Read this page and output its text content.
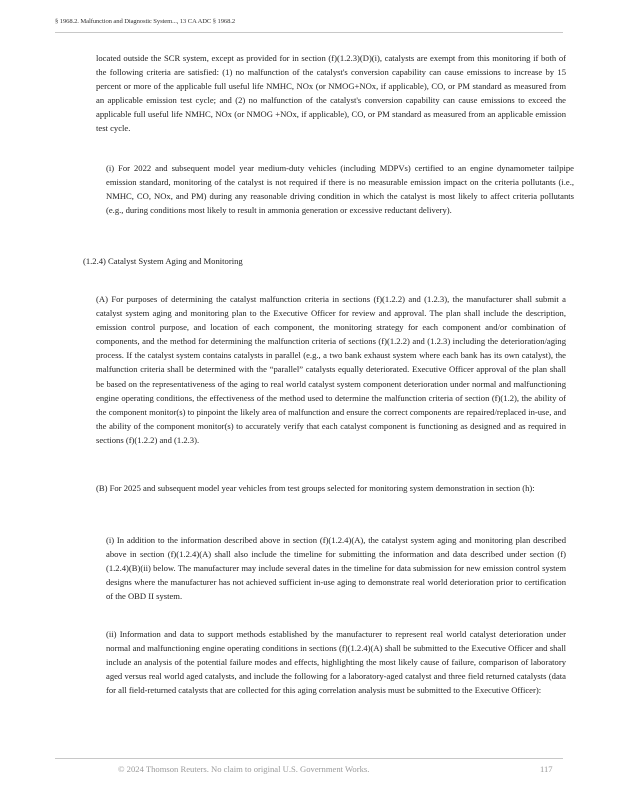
§ 1968.2. Malfunction and Diagnostic System..., 13 CA ADC § 1968.2

located outside the SCR system, except as provided for in section (f)(1.2.3)(D)(i), catalysts are exempt from this monitoring if both of the following criteria are satisfied: (1) no malfunction of the catalyst's conversion capability can cause emissions to increase by 15 percent or more of the applicable full useful life NMHC, NOx (or NMOG+NOx, if applicable), CO, or PM standard as measured from an applicable emission test cycle; and (2) no malfunction of the catalyst's conversion capability can cause emissions to exceed the applicable full useful life NMHC, NOx (or NMOG +NOx, if applicable), CO, or PM standard as measured from an applicable emission test cycle.

(i) For 2022 and subsequent model year medium-duty vehicles (including MDPVs) certified to an engine dynamometer tailpipe emission standard, monitoring of the catalyst is not required if there is no measurable emission impact on the criteria pollutants (i.e., NMHC, CO, NOx, and PM) during any reasonable driving condition in which the catalyst is most likely to affect criteria pollutants (e.g., during conditions most likely to result in ammonia generation or excessive reductant delivery).

(1.2.4) Catalyst System Aging and Monitoring

(A) For purposes of determining the catalyst malfunction criteria in sections (f)(1.2.2) and (1.2.3), the manufacturer shall submit a catalyst system aging and monitoring plan to the Executive Officer for review and approval. The plan shall include the description, emission control purpose, and location of each component, the monitoring strategy for each component and/or combination of components, and the method for determining the malfunction criteria of sections (f)(1.2.2) and (1.2.3) including the deterioration/aging process. If the catalyst system contains catalysts in parallel (e.g., a two bank exhaust system where each bank has its own catalyst), the malfunction criteria shall be determined with the “parallel” catalysts equally deteriorated. Executive Officer approval of the plan shall be based on the representativeness of the aging to real world catalyst system component deterioration under normal and malfunctioning engine operating conditions, the effectiveness of the method used to determine the malfunction criteria of section (f)(1.2), the ability of the component monitor(s) to pinpoint the likely area of malfunction and ensure the correct components are repaired/replaced in-use, and the ability of the component monitor(s) to accurately verify that each catalyst component is functioning as designed and as required in sections (f)(1.2.2) and (1.2.3).

(B) For 2025 and subsequent model year vehicles from test groups selected for monitoring system demonstration in section (h):

(i) In addition to the information described above in section (f)(1.2.4)(A), the catalyst system aging and monitoring plan described above in section (f)(1.2.4)(A) shall also include the timeline for submitting the information and data described under section (f)(1.2.4)(B)(ii) below. The manufacturer may include several dates in the timeline for data submission for new emission control system designs where the manufacturer has not achieved sufficient in-use aging to demonstrate real world deterioration prior to certification of the OBD II system.

(ii) Information and data to support methods established by the manufacturer to represent real world catalyst deterioration under normal and malfunctioning engine operating conditions in sections (f)(1.2.4)(A) shall be submitted to the Executive Officer and shall include an analysis of the potential failure modes and effects, highlighting the most likely cause of failure, comparison of laboratory aged versus real world aged catalysts, and include the following for a laboratory-aged catalyst and three field returned catalysts (data for all field-returned catalysts that are collected for this aging correlation analysis must be submitted to the Executive Officer):

© 2024 Thomson Reuters. No claim to original U.S. Government Works.	117
